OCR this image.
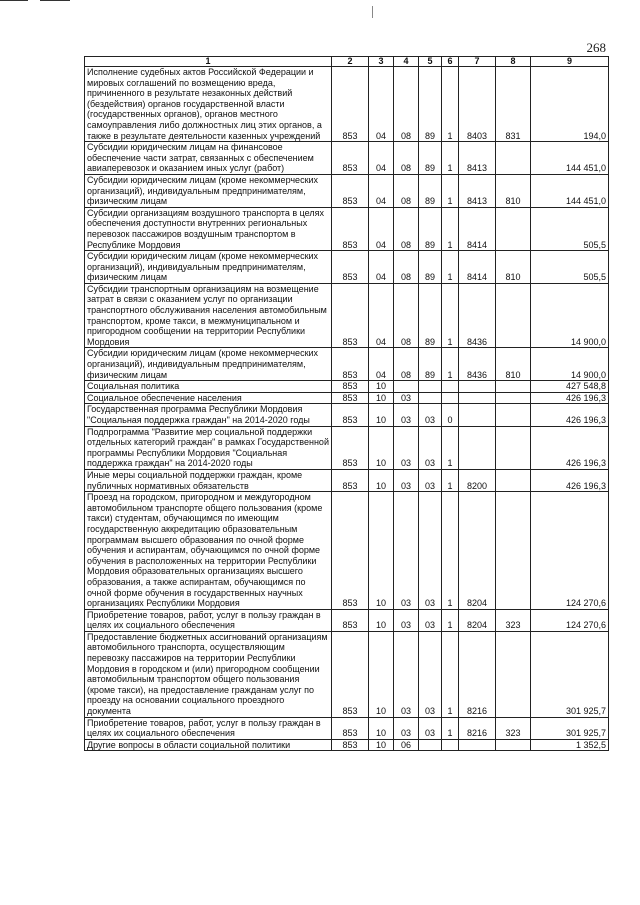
268
1	2	3	4	5	6	7	8	9
Исполнение судебных актов Российской Федерации и мировых соглашений по возмещению вреда, причиненного в результате незаконных действий (бездействия) органов государственной власти (государственных органов), органов местного самоуправления либо должностных лиц этих органов, а также в результате деятельности казенных учреждений	853	04	08	89	1	8403	831	194,0
Субсидии юридическим лицам на финансовое обеспечение части затрат, связанных с обеспечением авиаперевозок и оказанием иных услуг (работ)	853	04	08	89	1	8413		144 451,0
Субсидии юридическим лицам (кроме некоммерческих организаций), индивидуальным предпринимателям, физическим лицам	853	04	08	89	1	8413	810	144 451,0
Субсидии организациям воздушного транспорта в целях обеспечения доступности внутренних региональных перевозок пассажиров воздушным транспортом в Республике Мордовия	853	04	08	89	1	8414		505,5
Субсидии юридическим лицам (кроме некоммерческих организаций), индивидуальным предпринимателям, физическим лицам	853	04	08	89	1	8414	810	505,5
Субсидии транспортным организациям на возмещение затрат в связи с оказанием услуг по организации транспортного обслуживания населения автомобильным транспортом, кроме такси, в межмуниципальном и пригородном сообщении на территории Республики Мордовия	853	04	08	89	1	8436		14 900,0
Субсидии юридическим лицам (кроме некоммерческих организаций), индивидуальным предпринимателям, физическим лицам	853	04	08	89	1	8436	810	14 900,0
Социальная политика	853	10						427 548,8
Социальное обеспечение населения	853	10	03					426 196,3
Государственная программа Республики Мордовия "Социальная поддержка граждан" на 2014-2020 годы	853	10	03	03	0			426 196,3
Подпрограмма "Развитие мер социальной поддержки отдельных категорий граждан" в рамках Государственной программы Республики Мордовия "Социальная поддержка граждан" на 2014-2020 годы	853	10	03	03	1			426 196,3
Иные меры социальной поддержки граждан, кроме публичных нормативных обязательств	853	10	03	03	1	8200		426 196,3
Проезд на городском, пригородном и междугородном автомобильном транспорте общего пользования (кроме такси) студентам, обучающимся по имеющим государственную аккредитацию образовательным программам высшего образования по очной форме обучения и аспирантам, обучающимся по очной форме обучения в расположенных на территории Республики Мордовия образовательных организациях высшего образования, а также аспирантам, обучающимся по очной форме обучения в государственных научных организациях Республики Мордовия	853	10	03	03	1	8204		124 270,6
Приобретение товаров, работ, услуг в пользу граждан в целях их социального обеспечения	853	10	03	03	1	8204	323	124 270,6
Предоставление бюджетных ассигнований организациям автомобильного транспорта, осуществляющим перевозку пассажиров на территории Республики Мордовия в городском и (или) пригородном сообщении автомобильным транспортом общего пользования (кроме такси), на предоставление гражданам услуг по проезду на основании социального проездного документа	853	10	03	03	1	8216		301 925,7
Приобретение товаров, работ, услуг в пользу граждан в целях их социального обеспечения	853	10	03	03	1	8216	323	301 925,7
Другие вопросы в области социальной политики	853	10	06					1 352,5
